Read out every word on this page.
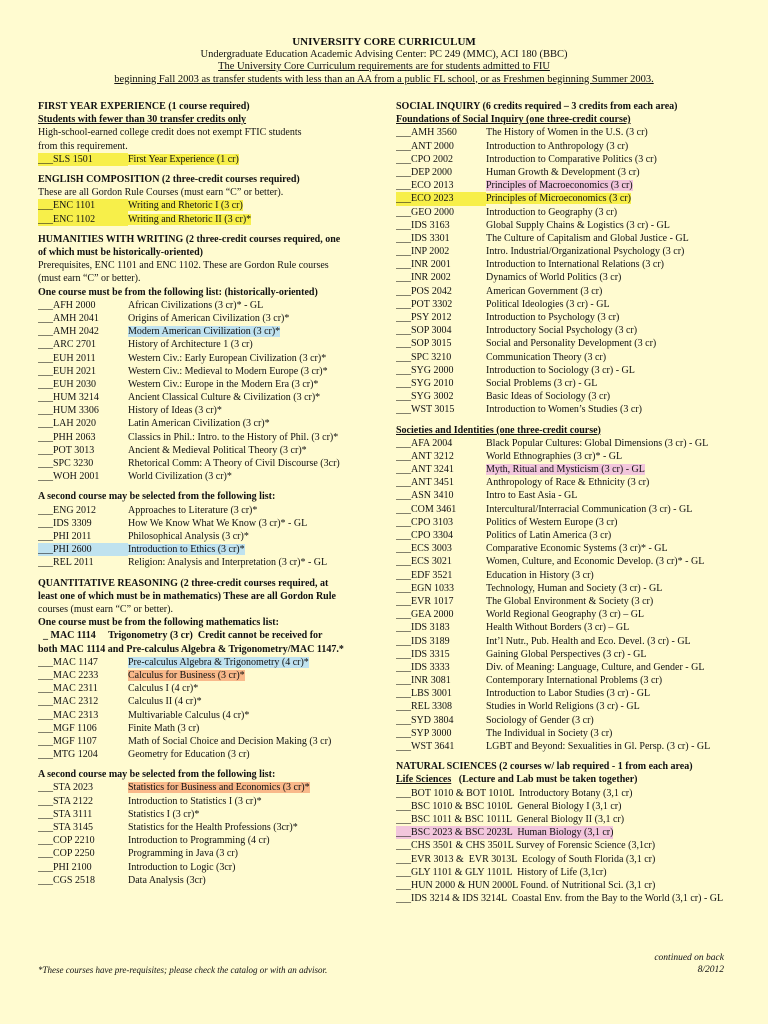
UNIVERSITY CORE CURRICULUM
Undergraduate Education Academic Advising Center: PC 249 (MMC), ACI 180 (BBC)
The University Core Curriculum requirements are for students admitted to FIU
beginning Fall 2003 as transfer students with less than an AA from a public FL school, or as Freshmen beginning Summer 2003.
FIRST YEAR EXPERIENCE (1 course required)
Students with fewer than 30 transfer credits only
High-school-earned college credit does not exempt FTIC students
from this requirement.
___SLS 1501	First Year Experience (1 cr)
ENGLISH COMPOSITION (2 three-credit courses required)
These are all Gordon Rule Courses (must earn “C” or better).
___ENC 1101	Writing and Rhetoric I (3 cr)
___ENC 1102	Writing and Rhetoric II (3 cr)*
HUMANITIES WITH WRITING (2 three-credit courses required, one
of which must be historically-oriented)
Prerequisites, ENC 1101 and ENC 1102. These are Gordon Rule courses
(must earn “C” or better).
One course must be from the following list: (historically-oriented)
___AFH 2000	African Civilizations (3 cr)* - GL
___AMH 2041	Origins of American Civilization (3 cr)*
___AMH 2042	Modern American Civilization (3 cr)*
___ARC 2701	History of Architecture 1 (3 cr)
___EUH 2011	Western Civ.: Early European Civilization (3 cr)*
___EUH 2021	Western Civ.: Medieval to Modern Europe (3 cr)*
___EUH 2030	Western Civ.: Europe in the Modern Era (3 cr)*
___HUM 3214	Ancient Classical Culture & Civilization (3 cr)*
___HUM 3306	History of Ideas (3 cr)*
___LAH 2020	Latin American Civilization (3 cr)*
___PHH 2063	Classics in Phil.: Intro. to the History of Phil. (3 cr)*
___POT 3013	Ancient & Medieval Political Theory (3 cr)*
___SPC 3230	Rhetorical Comm: A Theory of Civil Discourse (3cr)
___WOH 2001	World Civilization (3 cr)*
A second course may be selected from the following list:
___ENG 2012	Approaches to Literature (3 cr)*
___IDS 3309	How We Know What We Know (3 cr)* - GL
___PHI 2011	Philosophical Analysis (3 cr)*
___PHI 2600	Introduction to Ethics (3 cr)*
___REL 2011	Religion: Analysis and Interpretation (3 cr)* - GL
QUANTITATIVE REASONING (2 three-credit courses required, at
least one of which must be in mathematics) These are all Gordon Rule
courses (must earn “C” or better).
One course must be from the following mathematics list:
_ MAC 1114     Trigonometry (3 cr)  Credit cannot be received for
both MAC 1114 and Pre-calculus Algebra & Trigonometry/MAC 1147.*
___MAC 1147	Pre-calculus Algebra & Trigonometry (4 cr)*
___MAC 2233	Calculus for Business (3 cr)*
___MAC 2311	Calculus I (4 cr)*
___MAC 2312	Calculus II (4 cr)*
___MAC 2313	Multivariable Calculus (4 cr)*
___MGF 1106	Finite Math (3 cr)
___MGF 1107	Math of Social Choice and Decision Making (3 cr)
___MTG 1204	Geometry for Education (3 cr)
A second course may be selected from the following list:
___STA 2023	Statistics for Business and Economics (3 cr)*
___STA 2122	Introduction to Statistics I (3 cr)*
___STA 3111	Statistics I (3 cr)*
___STA 3145	Statistics for the Health Professions (3cr)*
___COP 2210	Introduction to Programming (4 cr)
___COP 2250	Programming in Java (3 cr)
___PHI 2100	Introduction to Logic (3cr)
___CGS 2518	Data Analysis (3cr)
SOCIAL INQUIRY (6 credits required – 3 credits from each area)
Foundations of Social Inquiry (one three-credit course)
___AMH 3560	The History of Women in the U.S. (3 cr)
___ANT 2000	Introduction to Anthropology (3 cr)
___CPO 2002	Introduction to Comparative Politics (3 cr)
___DEP 2000	Human Growth & Development (3 cr)
___ECO 2013	Principles of Macroeconomics (3 cr)
___ECO 2023	Principles of Microeconomics (3 cr)
___GEO 2000	Introduction to Geography (3 cr)
___IDS 3163	Global Supply Chains & Logistics (3 cr) - GL
___IDS 3301	The Culture of Capitalism and Global Justice - GL
___INP 2002	Intro. Industrial/Organizational Psychology (3 cr)
___INR 2001	Introduction to International Relations (3 cr)
___INR 2002	Dynamics of World Politics (3 cr)
___POS 2042	American Government (3 cr)
___POT 3302	Political Ideologies (3 cr) - GL
___PSY 2012	Introduction to Psychology (3 cr)
___SOP 3004	Introductory Social Psychology (3 cr)
___SOP 3015	Social and Personality Development (3 cr)
___SPC 3210	Communication Theory (3 cr)
___SYG 2000	Introduction to Sociology (3 cr) - GL
___SYG 2010	Social Problems (3 cr) - GL
___SYG 3002	Basic Ideas of Sociology (3 cr)
___WST 3015	Introduction to Women’s Studies (3 cr)
Societies and Identities (one three-credit course)
___AFA 2004	Black Popular Cultures: Global Dimensions (3 cr) - GL
___ANT 3212	World Ethnographies (3 cr)* - GL
___ANT 3241	Myth, Ritual and Mysticism (3 cr) - GL
___ANT 3451	Anthropology of Race & Ethnicity (3 cr)
___ASN 3410	Intro to East Asia - GL
___COM 3461	Intercultural/Interracial Communication (3 cr) - GL
___CPO 3103	Politics of Western Europe (3 cr)
___CPO 3304	Politics of Latin America (3 cr)
___ECS 3003	Comparative Economic Systems (3 cr)* - GL
___ECS 3021	Women, Culture, and Economic Develop. (3 cr)* - GL
___EDF 3521	Education in History (3 cr)
___EGN 1033	Technology, Human and Society (3 cr) - GL
___EVR 1017	The Global Environment & Society (3 cr)
___GEA 2000	World Regional Geography (3 cr) – GL
___IDS 3183	Health Without Borders (3 cr) – GL
___IDS 3189	Int’l Nutr., Pub. Health and Eco. Devel. (3 cr) - GL
___IDS 3315	Gaining Global Perspectives (3 cr) - GL
___IDS 3333	Div. of Meaning: Language, Culture, and Gender - GL
___INR 3081	Contemporary International Problems (3 cr)
___LBS 3001	Introduction to Labor Studies (3 cr) - GL
___REL 3308	Studies in World Religions (3 cr) - GL
___SYD 3804	Sociology of Gender (3 cr)
___SYP 3000	The Individual in Society (3 cr)
___WST 3641	LGBT and Beyond: Sexualities in Gl. Persp. (3 cr) - GL
NATURAL SCIENCES (2 courses w/ lab required - 1 from each area)
Life Sciences   (Lecture and Lab must be taken together)
___BOT 1010 & BOT 1010L  Introductory Botany (3,1 cr)
___BSC 1010 & BSC 1010L  General Biology I (3,1 cr)
___BSC 1011 & BSC 1011L  General Biology II (3,1 cr)
___BSC 2023 & BSC 2023L  Human Biology (3,1 cr)
___CHS 3501 & CHS 3501L Survey of Forensic Science (3,1cr)
___EVR 3013 &  EVR 3013L  Ecology of South Florida (3,1 cr)
___GLY 1101 & GLY 1101L  History of Life (3,1cr)
___HUN 2000 & HUN 2000L Found. of Nutritional Sci. (3,1 cr)
___IDS 3214 & IDS 3214L  Coastal Env. from the Bay to the World (3,1 cr) - GL
continued on back
8/2012
*These courses have pre-requisites; please check the catalog or with an advisor.
